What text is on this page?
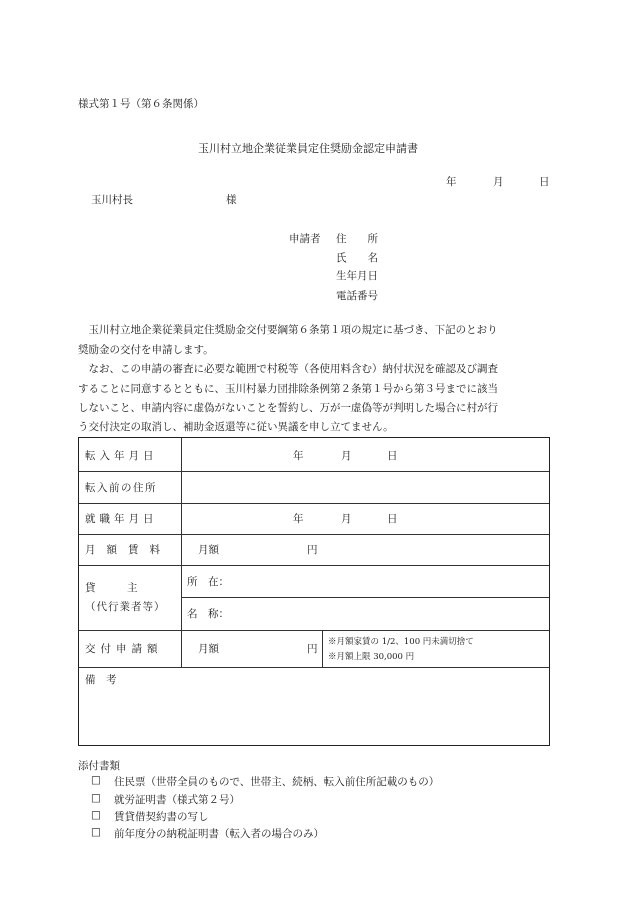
様式第１号（第６条関係）
玉川村立地企業従業員定住奨励金認定申請書
年	月	日
玉川村長	様
申請者 住　　所
氏　　名
生年月日
電話番号
　玉川村立地企業従業員定住奨励金交付要綱第６条第１項の規定に基づき、下記のとおり
奨励金の交付を申請します。
　なお、この申請の審査に必要な範囲で村税等（各使用料含む）納付状況を確認及び調査
することに同意するとともに、玉川村暴力団排除条例第２条第１号から第３号までに該当
しないこと、申請内容に虚偽がないことを誓約し、万が一虚偽等が判明した場合に村が行
う交付決定の取消し、補助金返還等に従い異議を申し立てません。
転入年月日	年	月	日
転入前の住所
就職年月日	年	月	日
月額賃料	月額	円
貸　　　主
（代行業者等）
所　在：
名　称：
交付申請額	月額	円
※月額家賃の 1/2、100 円未満切捨て
※月額上限 30,000 円
備　考
添付書類
□ 住民票（世帯全員のもので、世帯主、続柄、転入前住所記載のもの）
□ 就労証明書（様式第２号）
□ 賃貸借契約書の写し
□ 前年度分の納税証明書（転入者の場合のみ）
